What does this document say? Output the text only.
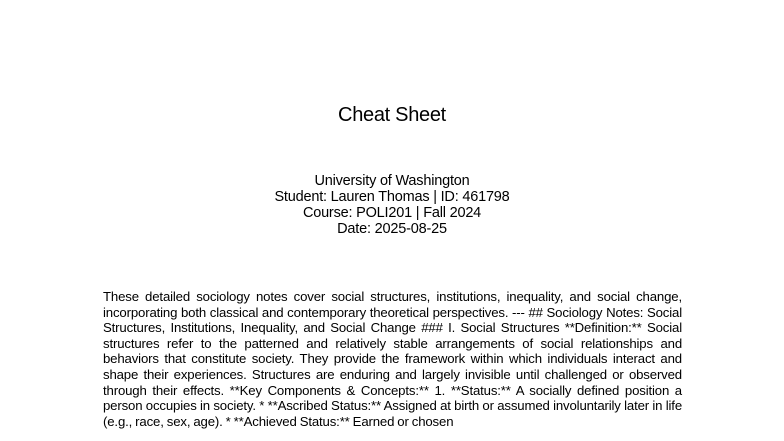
Cheat Sheet
University of Washington
Student: Lauren Thomas | ID: 461798
Course: POLI201 | Fall 2024
Date: 2025-08-25
These detailed sociology notes cover social structures, institutions, inequality, and social change, incorporating both classical and contemporary theoretical perspectives. --- ## Sociology Notes: Social Structures, Institutions, Inequality, and Social Change ### I. Social Structures **Definition:** Social structures refer to the patterned and relatively stable arrangements of social relationships and behaviors that constitute society. They provide the framework within which individuals interact and shape their experiences. Structures are enduring and largely invisible until challenged or observed through their effects. **Key Components & Concepts:** 1. **Status:** A socially defined position a person occupies in society. * **Ascribed Status:** Assigned at birth or assumed involuntarily later in life (e.g., race, sex, age). * **Achieved Status:** Earned or chosen
